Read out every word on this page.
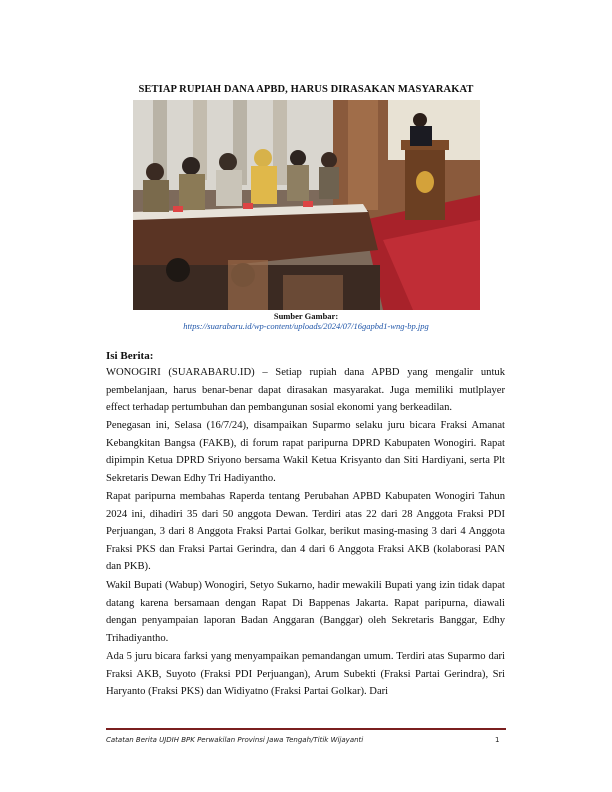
SETIAP RUPIAH DANA APBD, HARUS DIRASAKAN MASYARAKAT
Sumber Gambar:
https://suarabaru.id/wp-content/uploads/2024/07/16gapbd1-wng-bp.jpg
Isi Berita:

WONOGIRI (SUARABARU.ID) – Setiap rupiah dana APBD yang mengalir untuk pembelanjaan, harus benar-benar dapat dirasakan masyarakat. Juga memiliki mutlplayer effect terhadap pertumbuhan dan pembangunan sosial ekonomi yang berkeadilan.

Penegasan ini, Selasa (16/7/24), disampaikan Suparmo selaku juru bicara Fraksi Amanat Kebangkitan Bangsa (FAKB), di forum rapat paripurna DPRD Kabupaten Wonogiri. Rapat dipimpin Ketua DPRD Sriyono bersama Wakil Ketua Krisyanto dan Siti Hardiyani, serta Plt Sekretaris Dewan Edhy Tri Hadiyantho.

Rapat paripurna membahas Raperda tentang Perubahan APBD Kabupaten Wonogiri Tahun 2024 ini, dihadiri 35 dari 50 anggota Dewan. Terdiri atas 22 dari 28 Anggota Fraksi PDI Perjuangan, 3 dari 8 Anggota Fraksi Partai Golkar, berikut masing-masing 3 dari 4 Anggota Fraksi PKS dan Fraksi Partai Gerindra, dan 4 dari 6 Anggota Fraksi AKB (kolaborasi PAN dan PKB).

Wakil Bupati (Wabup) Wonogiri, Setyo Sukarno, hadir mewakili Bupati yang izin tidak dapat datang karena bersamaan dengan Rapat Di Bappenas Jakarta. Rapat paripurna, diawali dengan penyampaian laporan Badan Anggaran (Banggar) oleh Sekretaris Banggar, Edhy Trihadiyantho.

Ada 5 juru bicara farksi yang menyampaikan pemandangan umum. Terdiri atas Suparmo dari Fraksi AKB, Suyoto (Fraksi PDI Perjuangan), Arum Subekti (Fraksi Partai Gerindra), Sri Haryanto (Fraksi PKS) dan Widiyatno (Fraksi Partai Golkar). Dari

Catatan Berita UJDIH BPK Perwakilan Provinsi Jawa Tengah/Titik Wijayanti	1
